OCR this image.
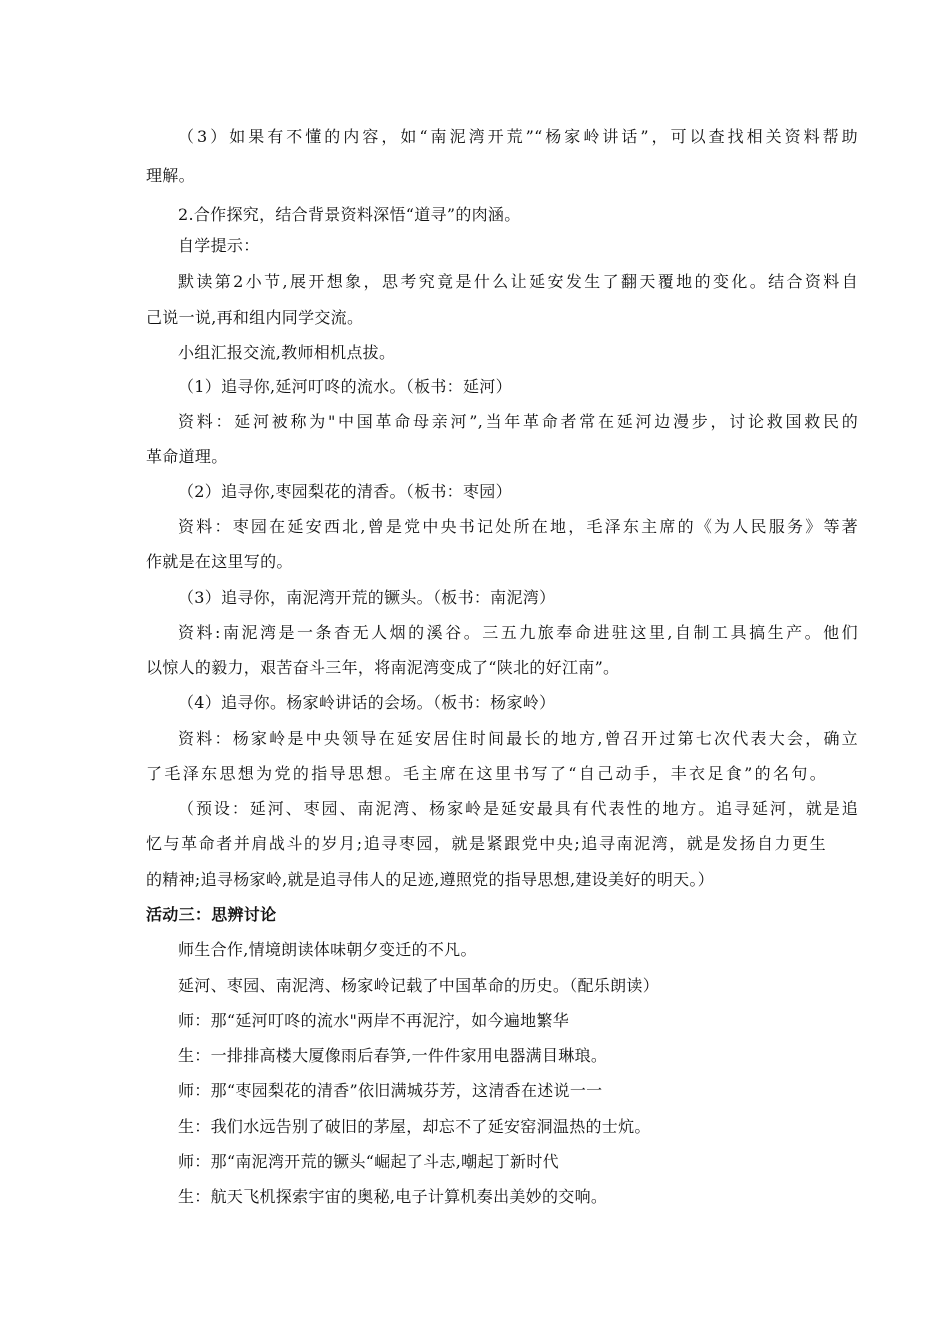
（3）如果有不懂的内容，如“南泥湾开荒”“杨家岭讲话”，可以查找相关资料帮助
理解。
2.合作探究，结合背景资料深悟“道寻”的肉涵。
自学提示：
默读第2小节,展开想象，思考究竟是什么让延安发生了翻天覆地的变化。结合资料自
己说一说,再和组内同学交流。
小组汇报交流,教师相机点拔。
（1）追寻你,延河叮咚的流水。（板书：延河）
资料：延河被称为"中国革命母亲河”,当年革命者常在延河边漫步，讨论救国救民的
革命道理。
（2）追寻你,枣园梨花的清香。（板书：枣园）
资料：枣园在延安西北,曾是党中央书记处所在地，毛泽东主席的《为人民服务》等著
作就是在这里写的。
（3）追寻你，南泥湾开荒的镢头。（板书：南泥湾）
资料:南泥湾是一条杳无人烟的溪谷。三五九旅奉命进驻这里,自制工具搞生产。他们
以惊人的毅力，艰苦奋斗三年，将南泥湾变成了“陕北的好江南”。
（4）追寻你。杨家岭讲话的会场。（板书：杨家岭）
资料：杨家岭是中央领导在延安居住时间最长的地方,曾召开过第七次代表大会，确立
了毛泽东思想为党的指导思想。毛主席在这里书写了“自己动手，丰衣足食”的名句。
（预设：延河、枣园、南泥湾、杨家岭是延安最具有代表性的地方。追寻延河，就是追
忆与革命者并肩战斗的岁月;追寻枣园，就是紧跟党中央;追寻南泥湾，就是发扬自力更生
的精神;追寻杨家岭,就是追寻伟人的足迹,遵照党的指导思想,建设美好的明天。）
活动三：思辨讨论
师生合作,情境朗读体味朝夕变迁的不凡。
延河、枣园、南泥湾、杨家岭记载了中国革命的历史。（配乐朗读）
师：那“延河叮咚的流水"两岸不再泥泞，如今遍地繁华
生：一排排高楼大厦像雨后春笋,一件件家用电器满目琳琅。
师：那“枣园梨花的清香”依旧满城芬芳，这清香在述说一一
生：我们水远告别了破旧的茅屋，却忘不了延安窑洞温热的士炕。
师：那“南泥湾开荒的镢头“崛起了斗志,嘲起丁新时代
生：航天飞机探索宇宙的奥秘,电子计算机奏出美妙的交响。
